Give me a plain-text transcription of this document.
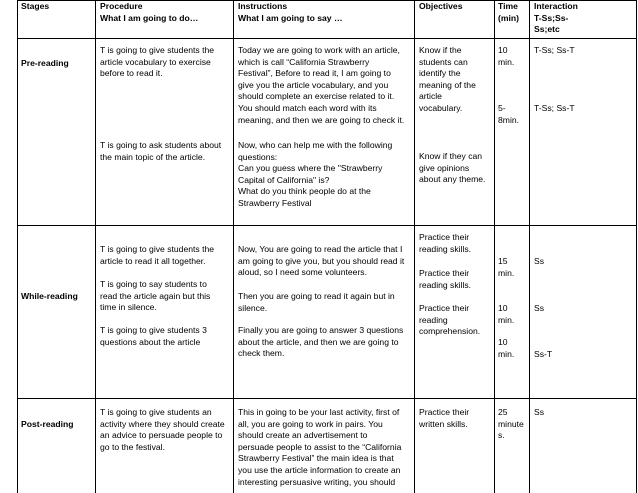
Stages	Procedure
What I am going to do…
Instructions
What I am going to say …
Objectives	Time
(min)
Interaction
T-Ss;Ss-
Ss;etc
Pre-reading
T is going to give students the
article vocabulary to exercise
before to read it.
Today we are going to work with an article,
which is call “California Strawberry
Festival”, Before to read it, I am going to
give you the article vocabulary, and you
should complete an exercise related to it.
You should match each word with its
meaning, and then we are going to check it.
Know if the
students can
identify the
meaning of the
article
vocabulary.
10
min.
5-
8min.
T-Ss; Ss-T
T-Ss; Ss-T
T is going to ask students about
the main topic of the article.
Now, who can help me with the following
questions:
Can you guess where the "Strawberry
Capital of California" is?
What do you think people do at the
Strawberry Festival
Know if they can
give opinions
about any theme.
While-reading
T is going to give students the
article to read it all together.
T is going to say students to
read the article again but this
time in silence.
T is going to give students 3
questions about the article
Now, You are going to read the article that I
am going to give you, but you should read it
aloud, so I need some volunteers.
Then you are going to read it again but in
silence.
Finally you are going to answer 3 questions
about the article, and then we are going to
check them.
Practice their
reading skills.
Practice their
reading skills.
Practice their
reading
comprehension.
15
min.
10
min.
10
min.
Ss
Ss
Ss-T
Post-reading
T is going to give students an
activity where they should create
an advice to persuade people to
go to the festival.
This in going to be your last activity, first of
all, you are going to work in pairs. You
should create an advertisement to
persuade people to assist to the “California
Strawberry Festival” the main idea is that
you use the article information to create an
interesting persuasive writing, you should
Practice their
written skills.
25
minute
s.
Ss
